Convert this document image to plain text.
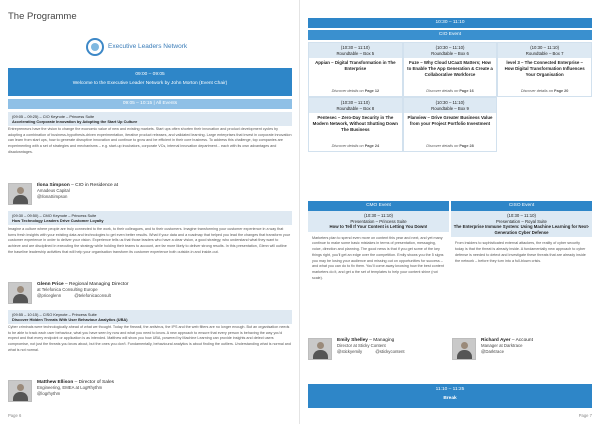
The Programme
Executive Leaders Network
09:00 – 09:05
Welcome to the Executive Leader Network by John Morton (Event Chair)
09:05 – 10:15 | All Events
(09:05 – 09:25) – CIO Keynote – Princess Suite
Accelerating Corporate Innovation by Adopting the Start Up Culture
Entrepreneurs have the vision to change the economic value of new and existing markets. Start ups often shorten their innovation and product development cycles by adopting a combination of business-hypothesis-driven experimentation, iterative product releases, and validated learning. Large enterprises that invest in corporate innovation can learn from start ups, how to generate disruptive innovation and continue to grow and be efficient in their core business. To address this challenge, top companies are experimenting with a set of strategies and mechanisms – e.g. start-up incubators, corporate VCs, internal innovation department... each with its own advantages and disadvantages.
Ilona Simpson – CIO in Residence at
Amadeus Capital
@IlonaSimpson
(09:30 – 09:50) – CMO Keynote – Princess Suite
How Technology Leaders Drive Customer Loyalty
Imagine a culture where people are truly connected to the work, to their colleagues, and to their customers. Imagine transforming your customer experience in a way that turns fresh insights with your existing data and technologies to get even better results. What if your data and a roadmap that helped you lead the changes that transform your customer experience in order to deliver your vision. Experience tells us that those leaders who have a clear vision, a good strategy, who understand what they want to achieve and are disciplined in executing the strategy while holding their teams to account, are far more likely to deliver strong results. In this presentation, Glenn will outline the baseline leadership activities that will help your organisation transform its customer experience both outside-in and inside-out.
Glenn Price – Regional Managing Director
at Telefonica Consulting Europe
@priceglenn	@telefonicaconsult
(09:55 – 10:15) – CISO Keynote – Princess Suite
Discover Hidden Threats With User Behaviour Analytics (UBA)
Cyber criminals were technologically ahead of what we thought. Today the firewall, the antivirus, the IPS and the web filters are no longer enough. But an organisation needs to be able to track each user behaviour, what you have seen by now and what you need to know. A new approach to ensure that every person is behaving the way you'd expect and that every endpoint or application is as intended. Matthew will show you how UBA, powered by Machine Learning can provide insights and detect users compromise, not just the threats you know about, but the ones you don't. Fundamentally, behavioural analytics is about finding the outliers. Understanding what is normal and what is not normal.
Matthew Ellison – Director of Sales
Engineering, EMEA at LogRhythm
@logrhythm
Page 6
10:30 – 11:10
CIO Event
(10:30 – 11:10)
Roundtable – Box 5
Appian – Digital Transformation in The Enterprise
Discover details on Page 12
(10:30 – 11:10)
Roundtable – Box 6
Fuze – Why Cloud UCaaS Matters; How to Enable The App Generation & Create a Collaborative Workforce
Discover details on Page 16
(10:30 – 11:10)
Roundtable – Box 7
level 3 – The Connected Enterprise – How Digital Transformation Influences Your Organisation
Discover details on Page 20
(10:30 – 11:10)
Roundtable – Box 8
Pentesec – Zero-Day Security in The Modern Network, Without Shutting Down The Business
Discover details on Page 24
(10:30 – 11:10)
Roundtable – Box 9
Planview – Drive Greater Business Value from your Project Portfolio Investment
Discover details on Page 28
CMO Event
(10:30 – 11:10)
Presentation – Princess Suite
How to Tell If Your Content is Letting You Down!
Marketers plan to spend even more on content this year and next, and yet many continue to make some basic mistakes in terms of presentation, messaging, voice, direction and planning. The good news is that if you get some of the key things right, you'll get an edge over the competition. Emily shows you the 5 signs you may be losing your audience and missing out on opportunities for success – and what you can do to fix them. You'll come away knowing how the best content marketers do it, and get a the set of templates to help your content shine (not scale).
CISO Event
(10:30 – 11:10)
Presentation – Royal Suite
The Enterprise Immune System: Using Machine Learning for Next-Generation Cyber Defense
From insiders to sophisticated external attackers, the reality of cyber security today is that the threat is already inside. A fundamentally new approach to cyber defense is needed to detect and investigate these threats that are already inside the network – before they turn into a full-blown crisis.
Emily Shelley – Managing
Director at Sticky Content
@stickyemily	@stickycontent
Richard Ayer – Account
Manager at Darktrace
@Darktrace
11:10 – 11:25
Break
Page 7
